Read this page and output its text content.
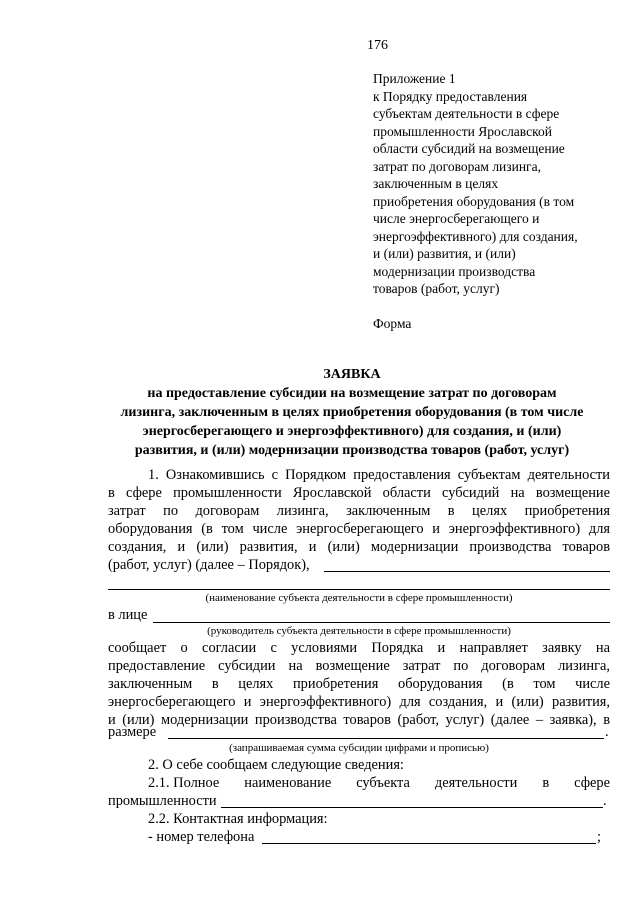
176
Приложение 1
к Порядку предоставления
субъектам деятельности в сфере
промышленности Ярославской
области субсидий на возмещение
затрат по договорам лизинга,
заключенным в целях
приобретения оборудования (в том
числе энергосберегающего и
энергоэффективного) для создания,
и (или) развития, и (или)
модернизации производства
товаров (работ, услуг)
Форма
ЗАЯВКА
на предоставление субсидии на возмещение затрат по договорам
лизинга, заключенным в целях приобретения оборудования (в том числе
энергосберегающего и энергоэффективного) для создания, и (или)
развития, и (или) модернизации производства товаров (работ, услуг)
1. Ознакомившись с Порядком предоставления субъектам деятельности
в сфере промышленности Ярославской области субсидий на возмещение
затрат по договорам лизинга, заключенным в целях приобретения
оборудования (в том числе энергосберегающего и энергоэффективного) для
создания, и (или) развития, и (или) модернизации производства товаров
(работ, услуг) (далее – Порядок),
(наименование субъекта деятельности в сфере промышленности)
в лице
(руководитель субъекта деятельности в сфере промышленности)
сообщает о согласии с условиями Порядка и направляет заявку на
предоставление субсидии на возмещение затрат по договорам лизинга,
заключенным в целях приобретения оборудования (в том числе
энергосберегающего и энергоэффективного) для создания, и (или) развития,
и (или) модернизации производства товаров (работ, услуг) (далее – заявка), в
размере	.
(запрашиваемая сумма субсидии цифрами и прописью)
2. О себе сообщаем следующие сведения:
2.1. Полное наименование субъекта деятельности в сфере
промышленности	.
2.2. Контактная информация:
- номер телефона	;
